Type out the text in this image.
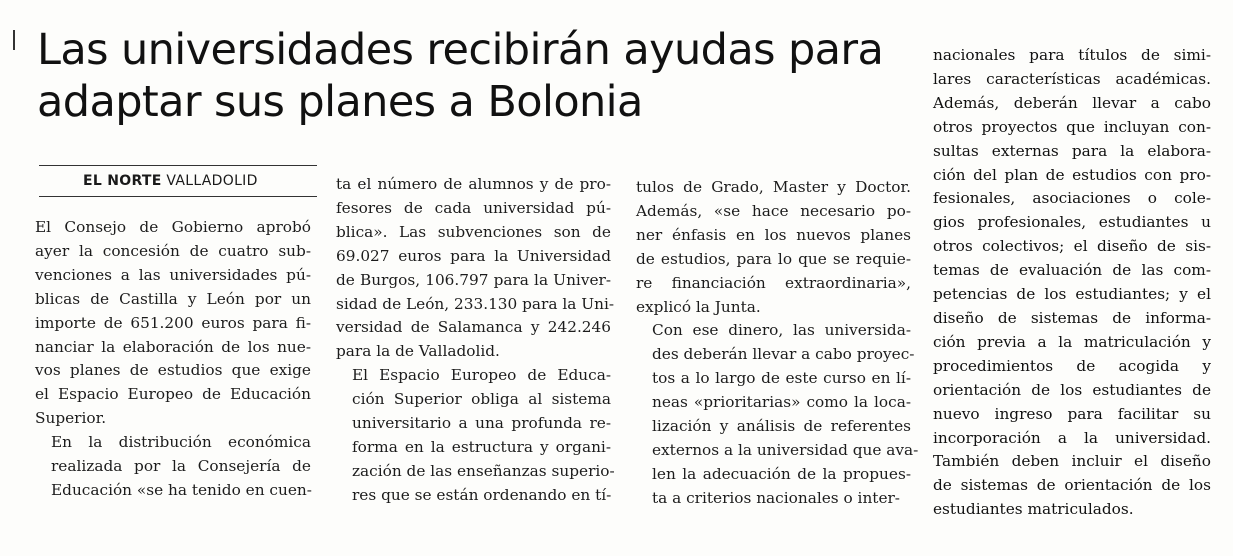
Las universidades recibirán ayudas para
adaptar sus planes a Bolonia
EL NORTE VALLADOLID

El Consejo de Gobierno aprobó
ayer la concesión de cuatro sub-
venciones a las universidades pú-
blicas de Castilla y León por un
importe de 651.200 euros para fi-
nanciar la elaboración de los nue-
vos planes de estudios que exige
el Espacio Europeo de Educación
Superior.

En la distribución económica
realizada por la Consejería de
Educación «se ha tenido en cuen-

ta el número de alumnos y de pro-
fesores de cada universidad pú-
blica». Las subvenciones son de
69.027 euros para la Universidad
de Burgos, 106.797 para la Univer-
sidad de León, 233.130 para la Uni-
versidad de Salamanca y 242.246
para la de Valladolid.

El Espacio Europeo de Educa-
ción Superior obliga al sistema
universitario a una profunda re-
forma en la estructura y organi-
zación de las enseñanzas superio-
res que se están ordenando en tí-

tulos de Grado, Master y Doctor.
Además, «se hace necesario po-
ner énfasis en los nuevos planes
de estudios, para lo que se requie-
re financiación extraordinaria»,
explicó la Junta.

Con ese dinero, las universida-
des deberán llevar a cabo proyec-
tos a lo largo de este curso en lí-
neas «prioritarias» como la loca-
lización y análisis de referentes
externos a la universidad que ava-
len la adecuación de la propues-
ta a criterios nacionales o inter-

nacionales para títulos de simi-
lares características académicas.
Además, deberán llevar a cabo
otros proyectos que incluyan con-
sultas externas para la elabora-
ción del plan de estudios con pro-
fesionales, asociaciones o cole-
gios profesionales, estudiantes u
otros colectivos; el diseño de sis-
temas de evaluación de las com-
petencias de los estudiantes; y el
diseño de sistemas de informa-
ción previa a la matriculación y
procedimientos de acogida y
orientación de los estudiantes de
nuevo ingreso para facilitar su
incorporación a la universidad.
También deben incluir el diseño
de sistemas de orientación de los
estudiantes matriculados.
